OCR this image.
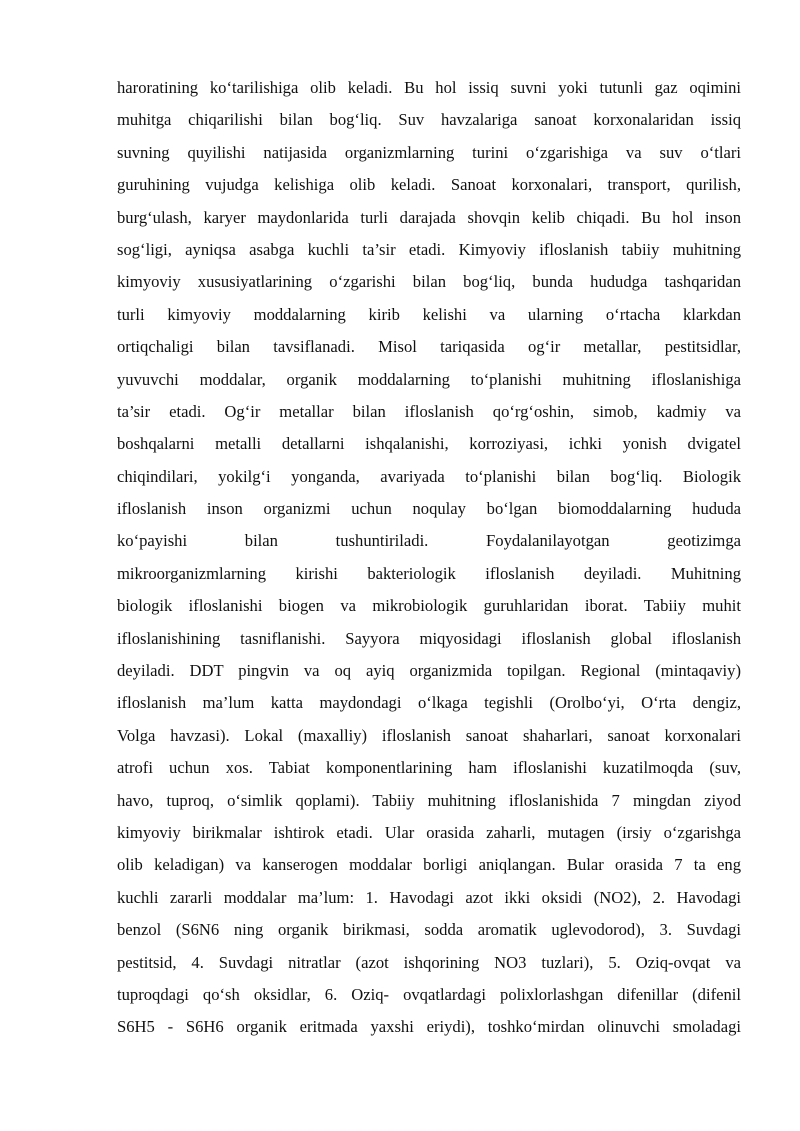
haroratining ko‘tarilishiga olib keladi. Bu hol issiq suvni yoki tutunli gaz oqimini
muhitga chiqarilishi bilan bog‘liq. Suv havzalariga sanoat korxonalaridan issiq
suvning quyilishi natijasida organizmlarning turini o‘zgarishiga va suv o‘tlari
guruhining vujudga kelishiga olib keladi. Sanoat korxonalari, transport, qurilish,
burg‘ulash, karyer maydonlarida turli darajada shovqin kelib chiqadi. Bu hol inson
sog‘ligi, ayniqsa asabga kuchli ta’sir etadi. Kimyoviy ifloslanish tabiiy muhitning
kimyoviy xususiyatlarining o‘zgarishi bilan bog‘liq, bunda hududga tashqaridan
turli kimyoviy moddalarning kirib kelishi va ularning o‘rtacha klarkdan
ortiqchaligi bilan tavsiflanadi. Misol tariqasida og‘ir metallar, pestitsidlar,
yuvuvchi moddalar, organik moddalarning to‘planishi muhitning ifloslanishiga
ta’sir etadi. Og‘ir metallar bilan ifloslanish qo‘rg‘oshin, simob, kadmiy va
boshqalarni metalli detallarni ishqalanishi, korroziyasi, ichki yonish dvigatel
chiqindilari, yokilg‘i yonganda, avariyada to‘planishi bilan bog‘liq. Biologik
ifloslanish inson organizmi uchun noqulay bo‘lgan biomoddalarning hududa
ko‘payishi bilan tushuntiriladi. Foydalanilayotgan geotizimga
mikroorganizmlarning kirishi bakteriologik ifloslanish deyiladi. Muhitning
biologik ifloslanishi biogen va mikrobiologik guruhlaridan iborat. Tabiiy muhit
ifloslanishining tasniflanishi. Sayyora miqyosidagi ifloslanish global ifloslanish
deyiladi. DDT pingvin va oq ayiq organizmida topilgan. Regional (mintaqaviy)
ifloslanish ma’lum katta maydondagi o‘lkaga tegishli (Orolbo‘yi, O‘rta dengiz,
Volga havzasi). Lokal (maxalliy) ifloslanish sanoat shaharlari, sanoat korxonalari
atrofi uchun xos. Tabiat komponentlarining ham ifloslanishi kuzatilmoqda (suv,
havo, tuproq, o‘simlik qoplami). Tabiiy muhitning ifloslanishida 7 mingdan ziyod
kimyoviy birikmalar ishtirok etadi. Ular orasida zaharli, mutagen (irsiy o‘zgarishga
olib keladigan) va kanserogen moddalar borligi aniqlangan. Bular orasida 7 ta eng
kuchli zararli moddalar ma’lum: 1. Havodagi azot ikki oksidi (NO2), 2. Havodagi
benzol (S6N6 ning organik birikmasi, sodda aromatik uglevodorod), 3. Suvdagi
pestitsid, 4. Suvdagi nitratlar (azot ishqorining NO3 tuzlari), 5. Oziq-ovqat va
tuproqdagi qo‘sh oksidlar, 6. Oziq- ovqatlardagi polixlorlashgan difenillar (difenil
S6H5 - S6H6 organik eritmada yaxshi eriydi), toshko‘mirdan olinuvchi smoladagi
